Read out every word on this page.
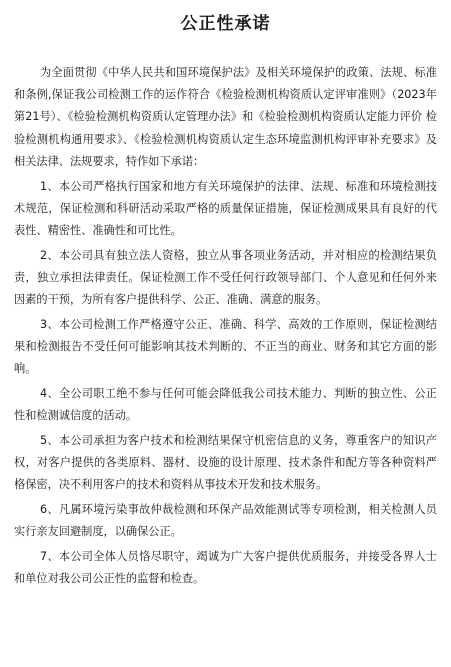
公正性承诺

为全面贯彻《中华人民共和国环境保护法》及相关环境保护的政策、法规、标准和条例,保证我公司检测工作的运作符合《检验检测机构资质认定评审准则》（2023年第21号）、《检验检测机构资质认定管理办法》和《检验检测机构资质认定能力评价 检验检测机构通用要求》、《检验检测机构资质认定生态环境监测机构评审补充要求》及相关法律、法规要求，特作如下承诺：

1、本公司严格执行国家和地方有关环境保护的法律、法规、标准和环境检测技术规范，保证检测和科研活动采取严格的质量保证措施，保证检测成果具有良好的代表性、精密性、准确性和可比性。

2、本公司具有独立法人资格，独立从事各项业务活动，并对相应的检测结果负责，独立承担法律责任。保证检测工作不受任何行政领导部门、个人意见和任何外来因素的干预，为所有客户提供科学、公正、准确、满意的服务。

3、本公司检测工作严格遵守公正、准确、科学、高效的工作原则，保证检测结果和检测报告不受任何可能影响其技术判断的、不正当的商业、财务和其它方面的影响。

4、全公司职工绝不参与任何可能会降低我公司技术能力、判断的独立性、公正性和检测诚信度的活动。

5、本公司承担为客户技术和检测结果保守机密信息的义务，尊重客户的知识产权，对客户提供的各类原料、器材、设施的设计原理、技术条件和配方等各种资料严格保密，决不利用客户的技术和资料从事技术开发和技术服务。

6、凡属环境污染事故仲裁检测和环保产品效能测试等专项检测，相关检测人员实行亲友回避制度，以确保公正。

7、本公司全体人员恪尽职守，竭诚为广大客户提供优质服务，并接受各界人士和单位对我公司公正性的监督和检查。
